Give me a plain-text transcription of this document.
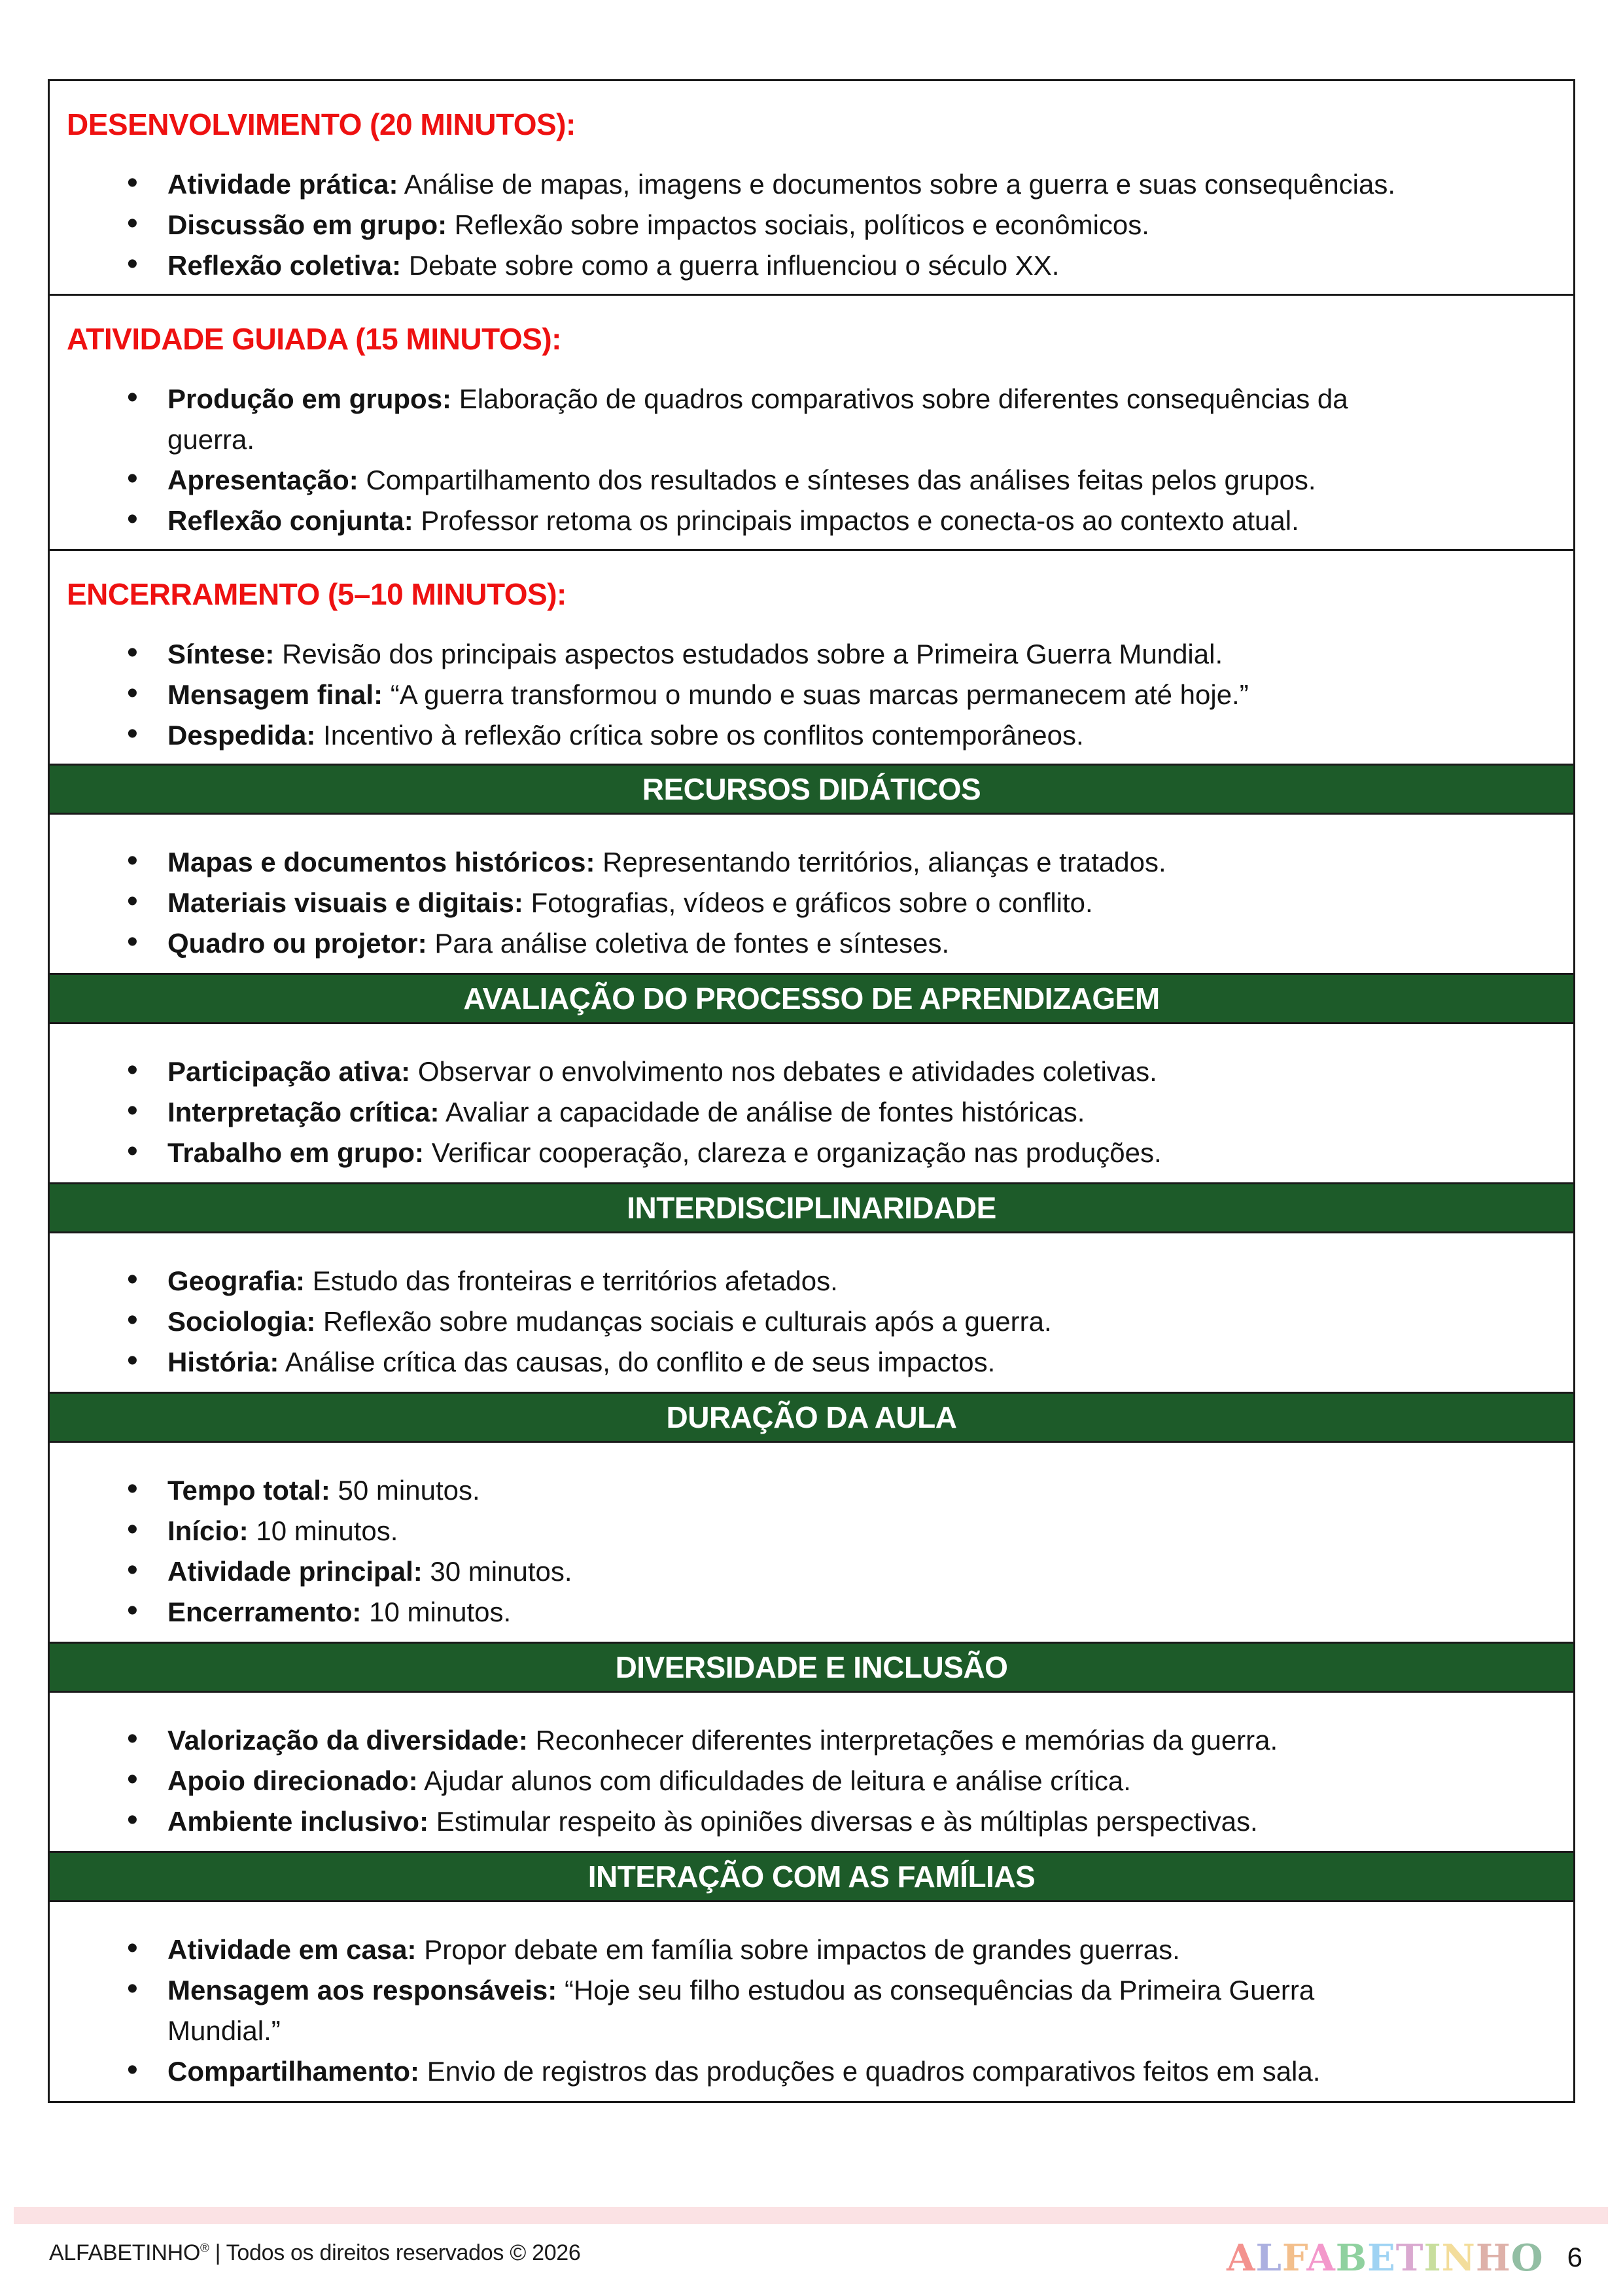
DESENVOLVIMENTO (20 MINUTOS):
• Atividade prática: Análise de mapas, imagens e documentos sobre a guerra e suas consequências.
• Discussão em grupo: Reflexão sobre impactos sociais, políticos e econômicos.
• Reflexão coletiva: Debate sobre como a guerra influenciou o século XX.
ATIVIDADE GUIADA (15 MINUTOS):
• Produção em grupos: Elaboração de quadros comparativos sobre diferentes consequências da
guerra.
• Apresentação: Compartilhamento dos resultados e sínteses das análises feitas pelos grupos.
• Reflexão conjunta: Professor retoma os principais impactos e conecta-os ao contexto atual.
ENCERRAMENTO (5–10 MINUTOS):
• Síntese: Revisão dos principais aspectos estudados sobre a Primeira Guerra Mundial.
• Mensagem final: “A guerra transformou o mundo e suas marcas permanecem até hoje.”
• Despedida: Incentivo à reflexão crítica sobre os conflitos contemporâneos.
RECURSOS DIDÁTICOS
• Mapas e documentos históricos: Representando territórios, alianças e tratados.
• Materiais visuais e digitais: Fotografias, vídeos e gráficos sobre o conflito.
• Quadro ou projetor: Para análise coletiva de fontes e sínteses.
AVALIAÇÃO DO PROCESSO DE APRENDIZAGEM
• Participação ativa: Observar o envolvimento nos debates e atividades coletivas.
• Interpretação crítica: Avaliar a capacidade de análise de fontes históricas.
• Trabalho em grupo: Verificar cooperação, clareza e organização nas produções.
INTERDISCIPLINARIDADE
• Geografia: Estudo das fronteiras e territórios afetados.
• Sociologia: Reflexão sobre mudanças sociais e culturais após a guerra.
• História: Análise crítica das causas, do conflito e de seus impactos.
DURAÇÃO DA AULA
• Tempo total: 50 minutos.
• Início: 10 minutos.
• Atividade principal: 30 minutos.
• Encerramento: 10 minutos.
DIVERSIDADE E INCLUSÃO
• Valorização da diversidade: Reconhecer diferentes interpretações e memórias da guerra.
• Apoio direcionado: Ajudar alunos com dificuldades de leitura e análise crítica.
• Ambiente inclusivo: Estimular respeito às opiniões diversas e às múltiplas perspectivas.
INTERAÇÃO COM AS FAMÍLIAS
• Atividade em casa: Propor debate em família sobre impactos de grandes guerras.
• Mensagem aos responsáveis: “Hoje seu filho estudou as consequências da Primeira Guerra
Mundial.”
• Compartilhamento: Envio de registros das produções e quadros comparativos feitos em sala.
ALFABETINHO® | Todos os direitos reservados © 2026	ALFABETINHO 6
